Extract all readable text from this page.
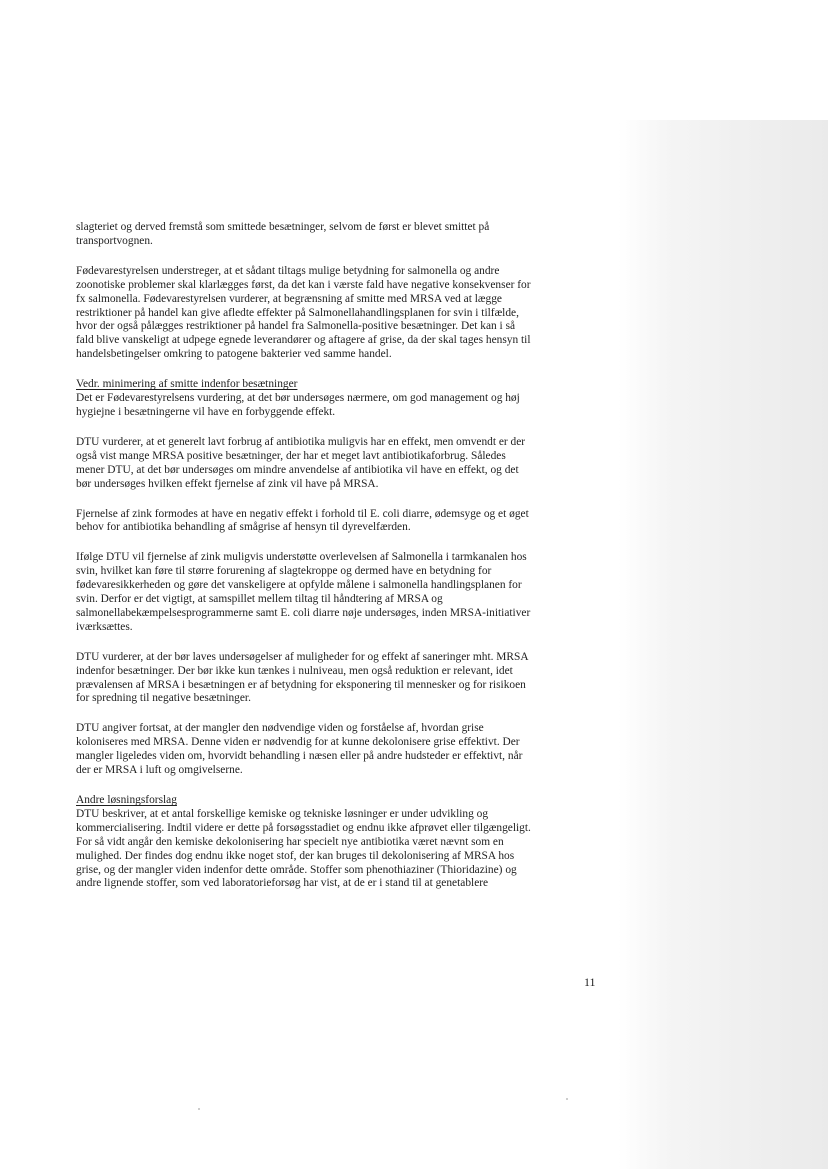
slagteriet og derved fremstå som smittede besætninger, selvom de først er blevet smittet på
transportvognen.
Fødevarestyrelsen understreger, at et sådant tiltags mulige betydning for salmonella og andre
zoonotiske problemer skal klarlægges først, da det kan i værste fald have negative konsekvenser for
fx salmonella. Fødevarestyrelsen vurderer, at begrænsning af smitte med MRSA ved at lægge
restriktioner på handel kan give afledte effekter på Salmonellahandlingsplanen for svin i tilfælde,
hvor der også pålægges restriktioner på handel fra Salmonella-positive besætninger. Det kan i så
fald blive vanskeligt at udpege egnede leverandører og aftagere af grise, da der skal tages hensyn til
handelsbetingelser omkring to patogene bakterier ved samme handel.
Vedr. minimering af smitte indenfor besætninger
Det er Fødevarestyrelsens vurdering, at det bør undersøges nærmere, om god management og høj
hygiejne i besætningerne vil have en forbyggende effekt.
DTU vurderer, at et generelt lavt forbrug af antibiotika muligvis har en effekt, men omvendt er der
også vist mange MRSA positive besætninger, der har et meget lavt antibiotikaforbrug. Således
mener DTU, at det bør undersøges om mindre anvendelse af antibiotika vil have en effekt, og det
bør undersøges hvilken effekt fjernelse af zink vil have på MRSA.
Fjernelse af zink formodes at have en negativ effekt i forhold til E. coli diarre, ødemsyge og et øget
behov for antibiotika behandling af smågrise af hensyn til dyrevelfærden.
Ifølge DTU vil fjernelse af zink muligvis understøtte overlevelsen af Salmonella i tarmkanalen hos
svin, hvilket kan føre til større forurening af slagtekroppe og dermed have en betydning for
fødevaresikkerheden og gøre det vanskeligere at opfylde målene i salmonella handlingsplanen for
svin. Derfor er det vigtigt, at samspillet mellem tiltag til håndtering af MRSA og
salmonellabekæmpelsesprogrammerne samt E. coli diarre nøje undersøges, inden MRSA-initiativer
iværksættes.
DTU vurderer, at der bør laves undersøgelser af muligheder for og effekt af saneringer mht. MRSA
indenfor besætninger. Der bør ikke kun tænkes i nulniveau, men også reduktion er relevant, idet
prævalensen af MRSA i besætningen er af betydning for eksponering til mennesker og for risikoen
for spredning til negative besætninger.
DTU angiver fortsat, at der mangler den nødvendige viden og forståelse af, hvordan grise
koloniseres med MRSA. Denne viden er nødvendig for at kunne dekolonisere grise effektivt. Der
mangler ligeledes viden om, hvorvidt behandling i næsen eller på andre hudsteder er effektivt, når
der er MRSA i luft og omgivelserne.
Andre løsningsforslag
DTU beskriver, at et antal forskellige kemiske og tekniske løsninger er under udvikling og
kommercialisering. Indtil videre er dette på forsøgsstadiet og endnu ikke afprøvet eller tilgængeligt.
For så vidt angår den kemiske dekolonisering har specielt nye antibiotika været nævnt som en
mulighed. Der findes dog endnu ikke noget stof, der kan bruges til dekolonisering af MRSA hos
grise, og der mangler viden indenfor dette område. Stoffer som phenothiaziner (Thioridazine) og
andre lignende stoffer, som ved laboratorieforsøg har vist, at de er i stand til at genetablere
11
